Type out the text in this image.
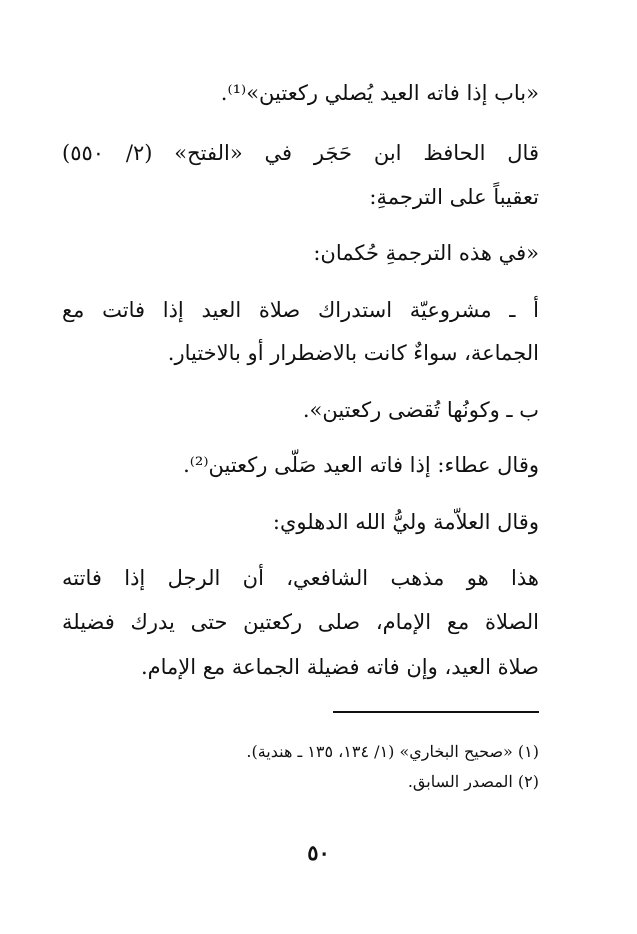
«باب إذا فاته العيد يُصلي ركعتين»⁽¹⁾.
قال الحافظ ابن حَجَر في «الفتح» (٢/ ٥٥٠)
تعقيباً على الترجمةِ:
«في هذه الترجمةِ حُكمان:
أ ـ مشروعيّة استدراك صلاة العيد إذا فاتت مع
الجماعة، سواءٌ كانت بالاضطرار أو بالاختيار.
ب ـ وكونُها تُقضى ركعتين».
وقال عطاء: إذا فاته العيد صَلّى ركعتين⁽²⁾.
وقال العلاّمة وليُّ الله الدهلوي:
هذا هو مذهب الشافعي، أن الرجل إذا فاتته
الصلاة مع الإمام، صلى ركعتين حتى يدرك فضيلة
صلاة العيد، وإن فاته فضيلة الجماعة مع الإمام.
(١) «صحيح البخاري» (١/ ١٣٤، ١٣٥ ـ هندية).
(٢) المصدر السابق.
٥٠
